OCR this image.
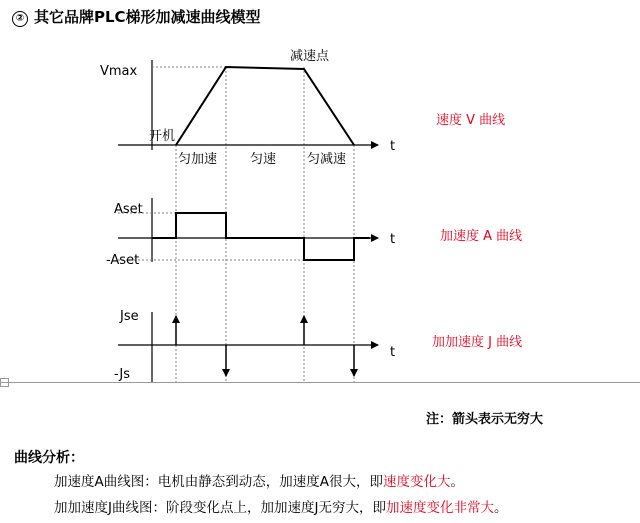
② 其它品牌PLC梯形加减速曲线模型
Vmax
减速点
开机
t
匀加速	匀速 匀减速
速度 V 曲线
Aset
-Aset
t	加速度 A 曲线
Jse
-Js
t
加加速度 J 曲线
注：箭头表示无穷大
曲线分析：
加速度A曲线图：电机由静态到动态，加速度A很大，即速度变化大。
加加速度J曲线图：阶段变化点上，加加速度J无穷大，即加速度变化非常大。
